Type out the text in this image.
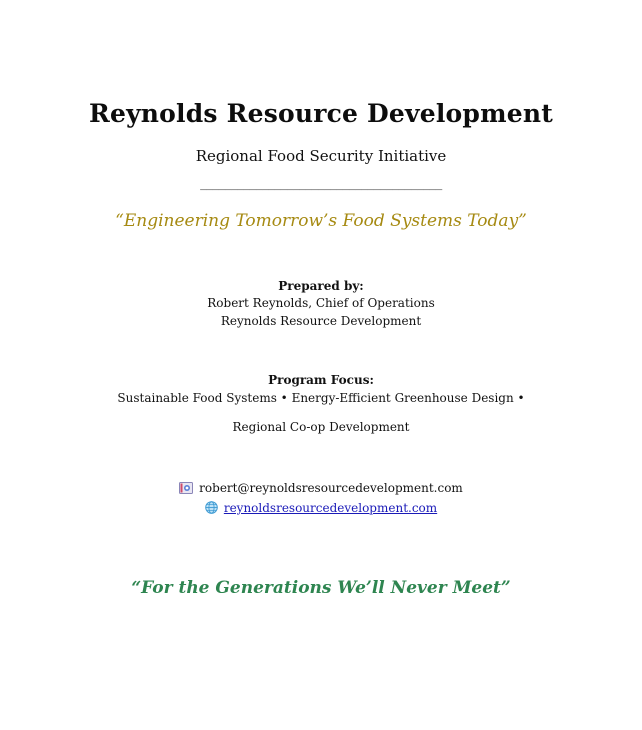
Reynolds Resource Development
Regional Food Security Initiative
_______________________________________
“Engineering Tomorrow’s Food Systems Today”
Prepared by:
Robert Reynolds, Chief of Operations
Reynolds Resource Development
Program Focus:
Sustainable Food Systems • Energy-Efficient Greenhouse Design •
Regional Co-op Development
robert@reynoldsresourcedevelopment.com
reynoldsresourcedevelopment.com
“For the Generations We’ll Never Meet”
